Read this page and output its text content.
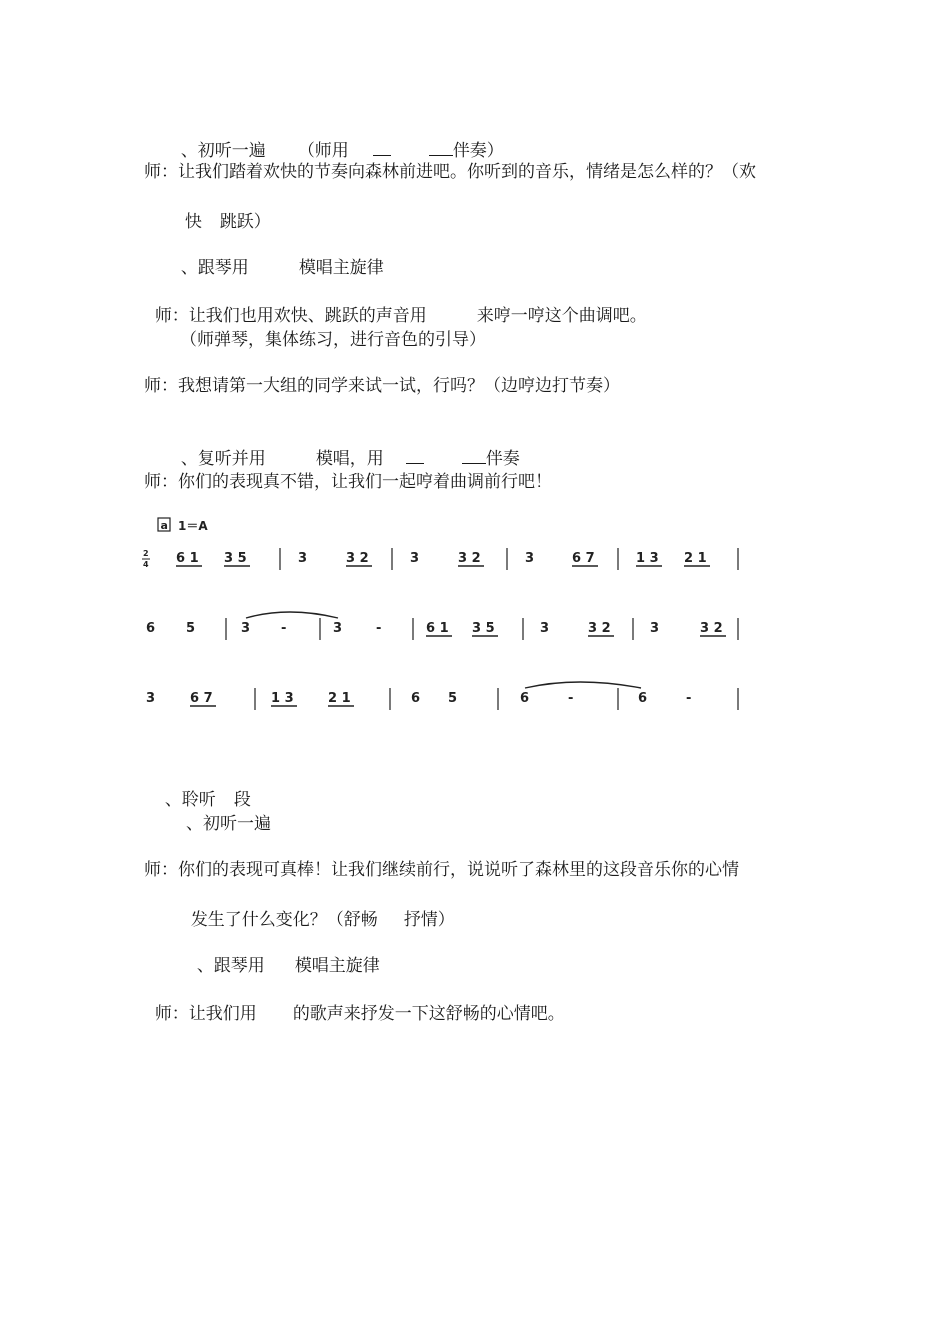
、初听一遍 （师用	伴奏）

师：让我们踏着欢快的节奏向森林前进吧。你听到的音乐，情绪是怎么样的？（欢

快 跳跃）

、跟琴用	模唱主旋律

师：让我们也用欢快、跳跃的声音用	来哼一哼这个曲调吧。

（师弹琴，集体练习，进行音色的引导）
师：我想请第一大组的同学来试一试，行吗？（边哼边打节奏）

、复听并用	模唱，用	伴奏

师：你们的表现真不错，让我们一起哼着曲调前行吧！
a 1＝A
2
4 6 1 3 5	3	3 2	3	3 2	3	6 7	1 3 2 1
6 5	3 -	3	-	6 1 3 5	3	3 2	3	3 2
3	6 7	1 3	2 1	6 5	6	-	6	-

、聆听 段

、初听一遍
师：你们的表现可真棒！让我们继续前行，说说听了森林里的这段音乐你的心情

发生了什么变化？（舒畅 抒情）

、跟琴用 模唱主旋律

师：让我们用 的歌声来抒发一下这舒畅的心情吧。
